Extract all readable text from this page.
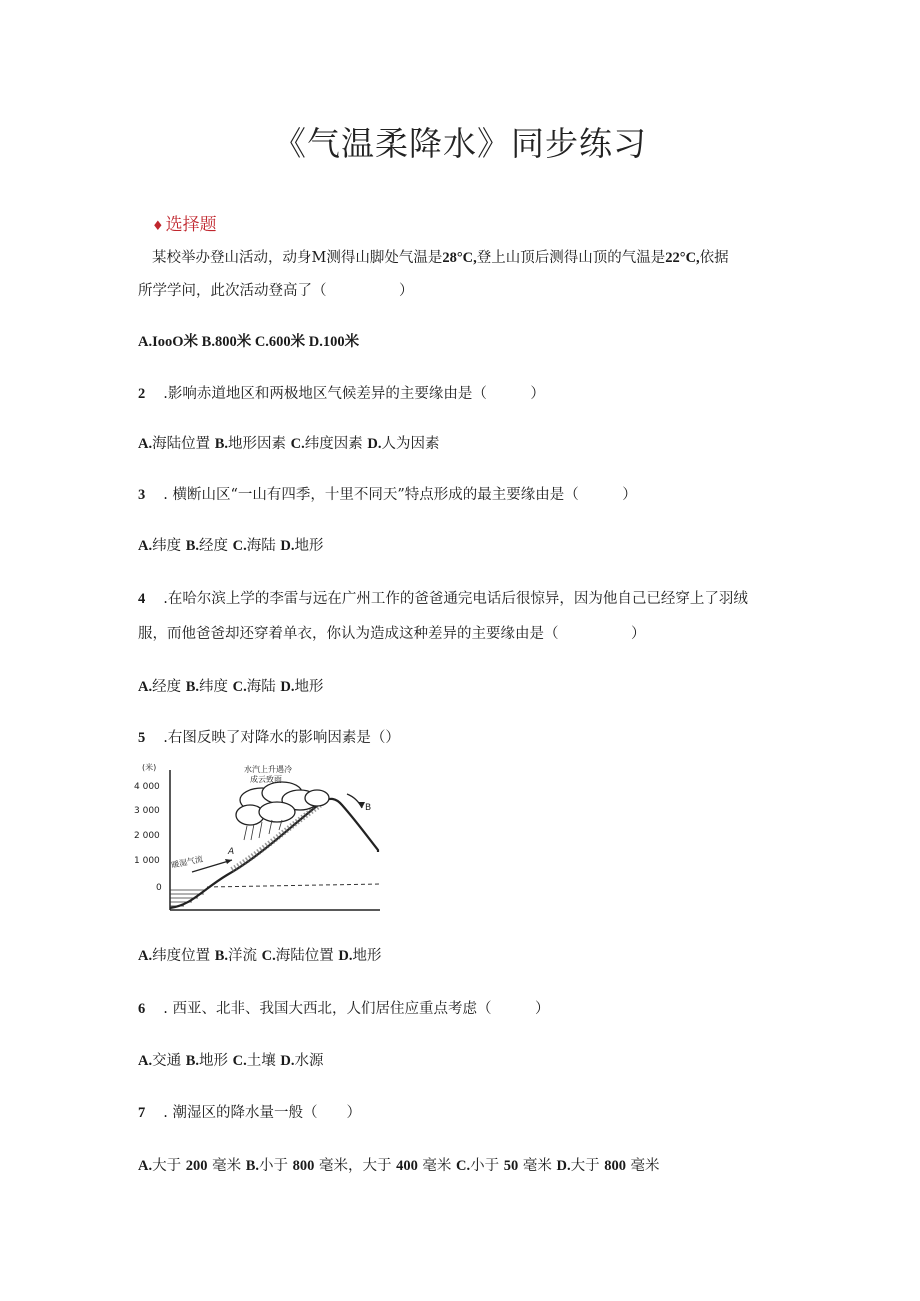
《气温柔降水》同步练习
♦ 选择题
某校举办登山活动，动身M测得山脚处气温是28°C,登上山顶后测得山顶的气温是22°C,依据
所学学问，此次活动登高了（　　　　　）
A.IooO米 B.800米 C.600米 D.100米
2 .影响赤道地区和两极地区气候差异的主要缘由是（　　　）
A.海陆位置 B.地形因素 C.纬度因素 D.人为因素
3 . 横断山区“一山有四季，十里不同天”特点形成的最主要缘由是（　　　）
A.纬度 B.经度 C.海陆 D.地形
4 .在哈尔滨上学的李雷与远在广州工作的爸爸通完电话后很惊异，因为他自己已经穿上了羽绒
服，而他爸爸却还穿着单衣，你认为造成这种差异的主要缘由是（　　　　　）
A.经度 B.纬度 C.海陆 D.地形
5 .右图反映了对降水的影响因素是（）
(米)
4 000
3 000
2 000
1 000
0
水汽上升遇冷
成云致雨
暖湿气流
A
B
A.纬度位置 B.洋流 C.海陆位置 D.地形
6 . 西亚、北非、我国大西北，人们居住应重点考虑（　　　）
A.交通 B.地形 C.土壤 D.水源
7 . 潮湿区的降水量一般（　　）
A.大于 200 毫米 B.小于 800 毫米，大于 400 毫米 C.小于 50 毫米 D.大于 800 毫米
